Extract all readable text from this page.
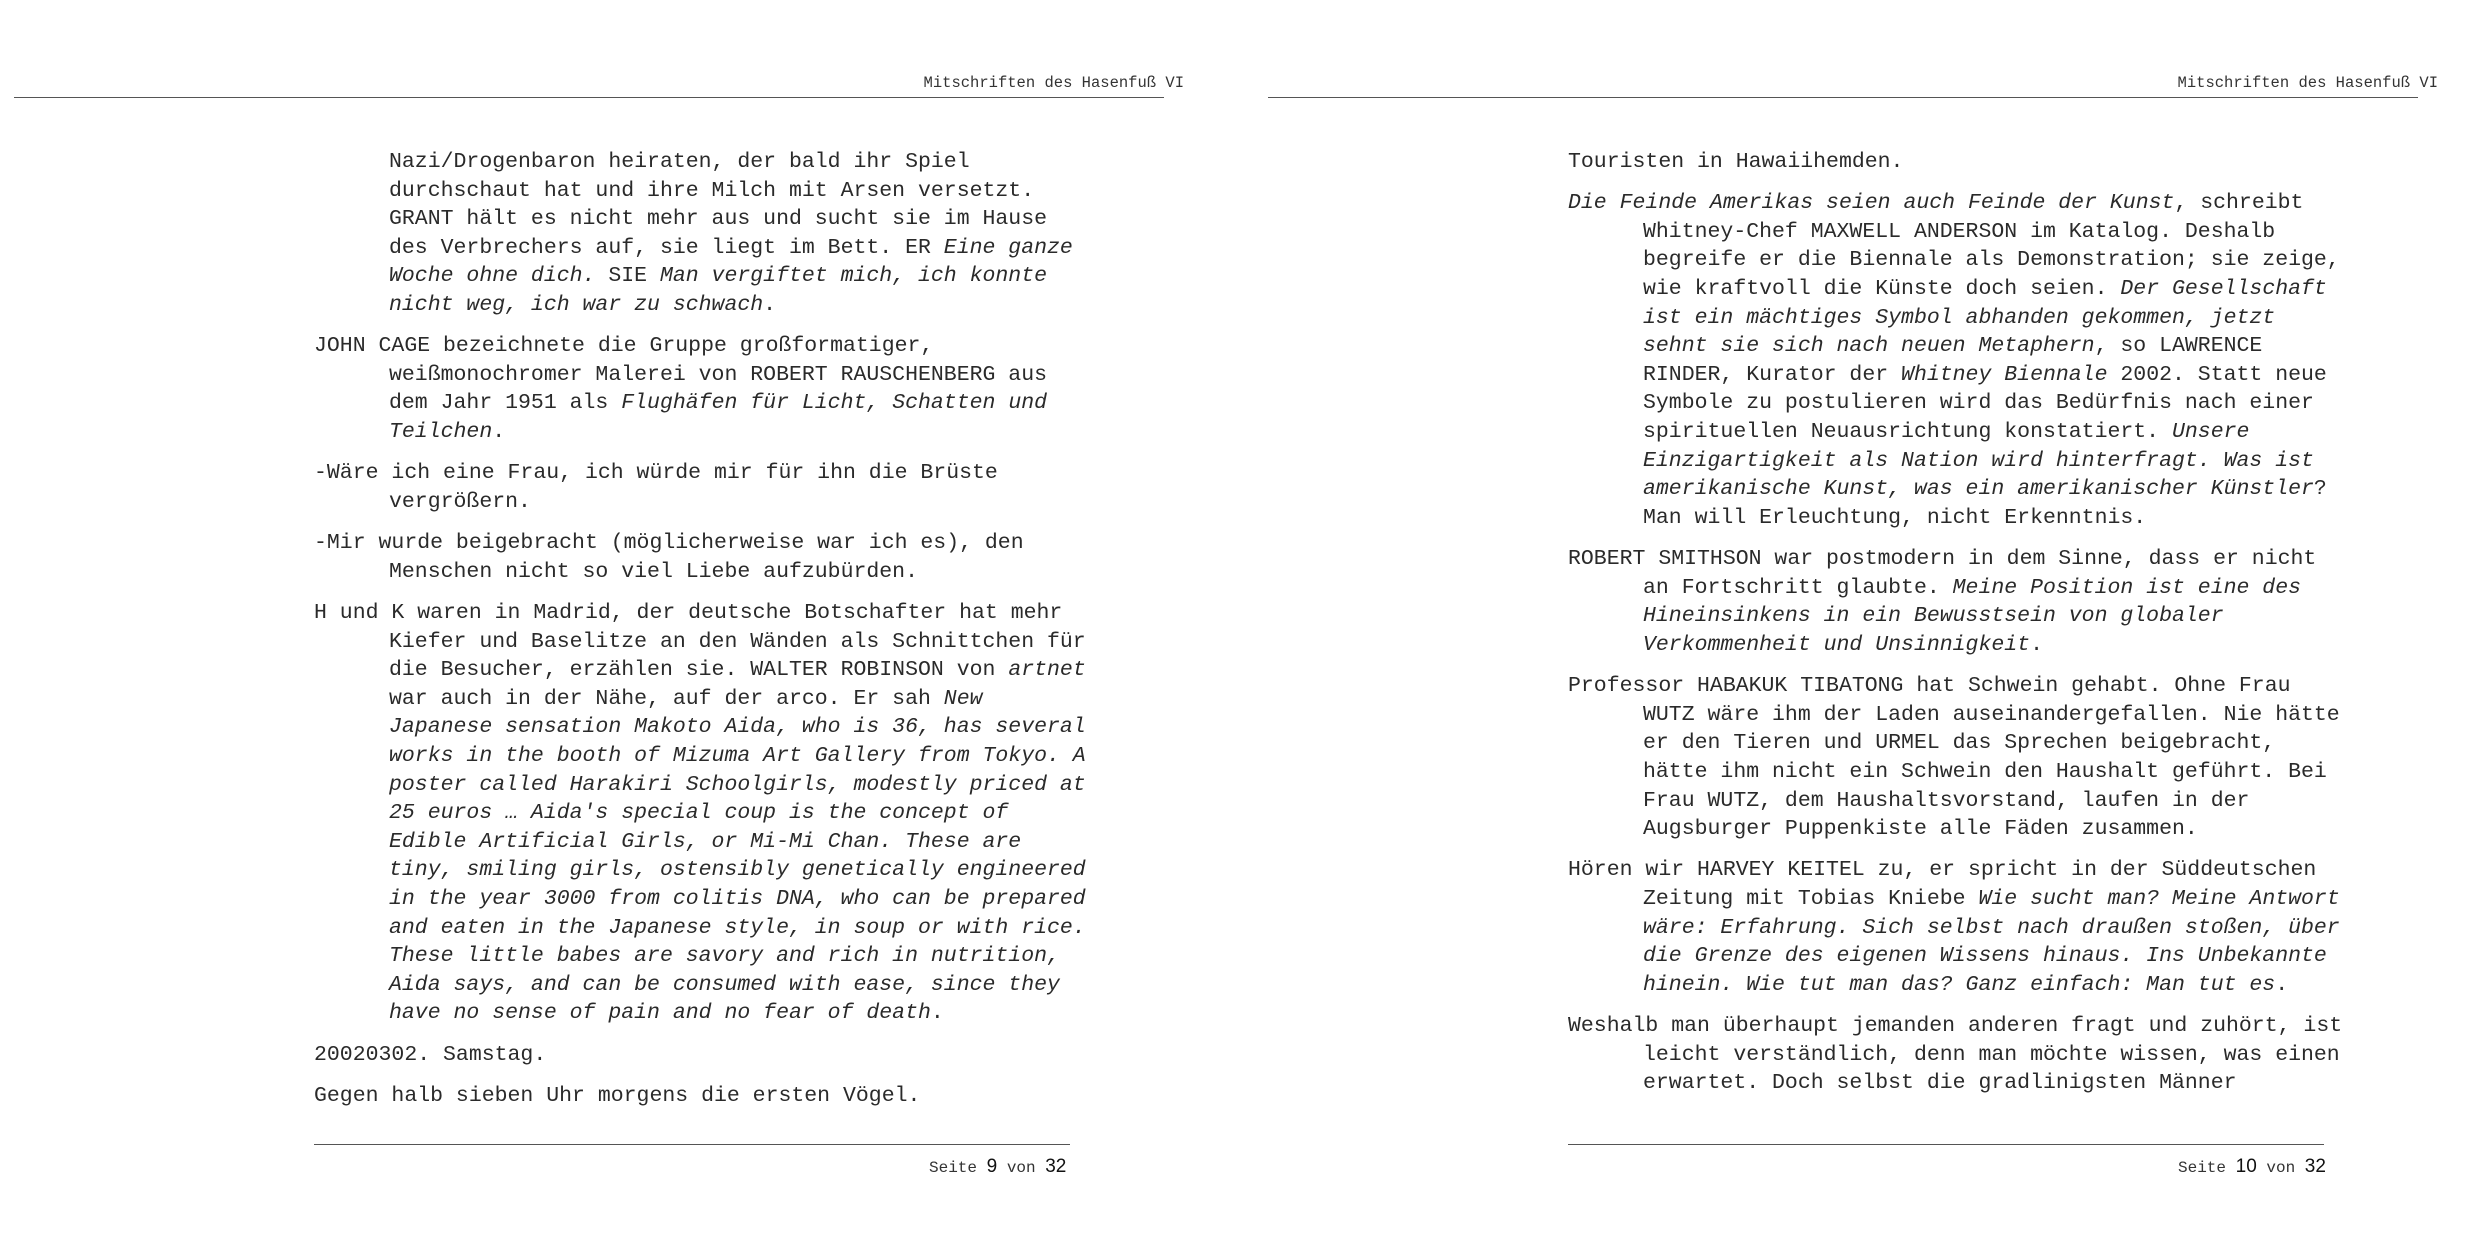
Mitschriften des Hasenfuß VI

Nazi/Drogenbaron heiraten, der bald ihr Spiel durchschaut hat und ihre Milch mit Arsen versetzt. GRANT hält es nicht mehr aus und sucht sie im Hause des Verbrechers auf, sie liegt im Bett. ER Eine ganze Woche ohne dich. SIE Man vergiftet mich, ich konnte nicht weg, ich war zu schwach.

JOHN CAGE bezeichnete die Gruppe großformatiger, weißmonochromer Malerei von ROBERT RAUSCHENBERG aus dem Jahr 1951 als Flughäfen für Licht, Schatten und Teilchen.

-Wäre ich eine Frau, ich würde mir für ihn die Brüste vergrößern.

-Mir wurde beigebracht (möglicherweise war ich es), den Menschen nicht so viel Liebe aufzubürden.

H und K waren in Madrid, der deutsche Botschafter hat mehr Kiefer und Baselitze an den Wänden als Schnittchen für die Besucher, erzählen sie. WALTER ROBINSON von artnet war auch in der Nähe, auf der arco. Er sah New Japanese sensation Makoto Aida, who is 36, has several works in the booth of Mizuma Art Gallery from Tokyo. A poster called Harakiri Schoolgirls, modestly priced at 25 euros … Aida's special coup is the concept of Edible Artificial Girls, or Mi-Mi Chan. These are tiny, smiling girls, ostensibly genetically engineered in the year 3000 from colitis DNA, who can be prepared and eaten in the Japanese style, in soup or with rice. These little babes are savory and rich in nutrition, Aida says, and can be consumed with ease, since they have no sense of pain and no fear of death.

20020302. Samstag.

Gegen halb sieben Uhr morgens die ersten Vögel.

Seite 9 von 32
Mitschriften des Hasenfuß VI

Touristen in Hawaiihemden.

Die Feinde Amerikas seien auch Feinde der Kunst, schreibt Whitney-Chef MAXWELL ANDERSON im Katalog. Deshalb begreife er die Biennale als Demonstration; sie zeige, wie kraftvoll die Künste doch seien. Der Gesellschaft ist ein mächtiges Symbol abhanden gekommen, jetzt sehnt sie sich nach neuen Metaphern, so LAWRENCE RINDER, Kurator der Whitney Biennale 2002. Statt neue Symbole zu postulieren wird das Bedürfnis nach einer spirituellen Neuausrichtung konstatiert. Unsere Einzigartigkeit als Nation wird hinterfragt. Was ist amerikanische Kunst, was ein amerikanischer Künstler? Man will Erleuchtung, nicht Erkenntnis.

ROBERT SMITHSON war postmodern in dem Sinne, dass er nicht an Fortschritt glaubte. Meine Position ist eine des Hineinsinkens in ein Bewusstsein von globaler Verkommenheit und Unsinnigkeit.

Professor HABAKUK TIBATONG hat Schwein gehabt. Ohne Frau WUTZ wäre ihm der Laden auseinandergefallen. Nie hätte er den Tieren und URMEL das Sprechen beigebracht, hätte ihm nicht ein Schwein den Haushalt geführt. Bei Frau WUTZ, dem Haushaltsvorstand, laufen in der Augsburger Puppenkiste alle Fäden zusammen.

Hören wir HARVEY KEITEL zu, er spricht in der Süddeutschen Zeitung mit Tobias Kniebe Wie sucht man? Meine Antwort wäre: Erfahrung. Sich selbst nach draußen stoßen, über die Grenze des eigenen Wissens hinaus. Ins Unbekannte hinein. Wie tut man das? Ganz einfach: Man tut es.

Weshalb man überhaupt jemanden anderen fragt und zuhört, ist leicht verständlich, denn man möchte wissen, was einen erwartet. Doch selbst die gradlinigsten Männer

Seite 10 von 32
